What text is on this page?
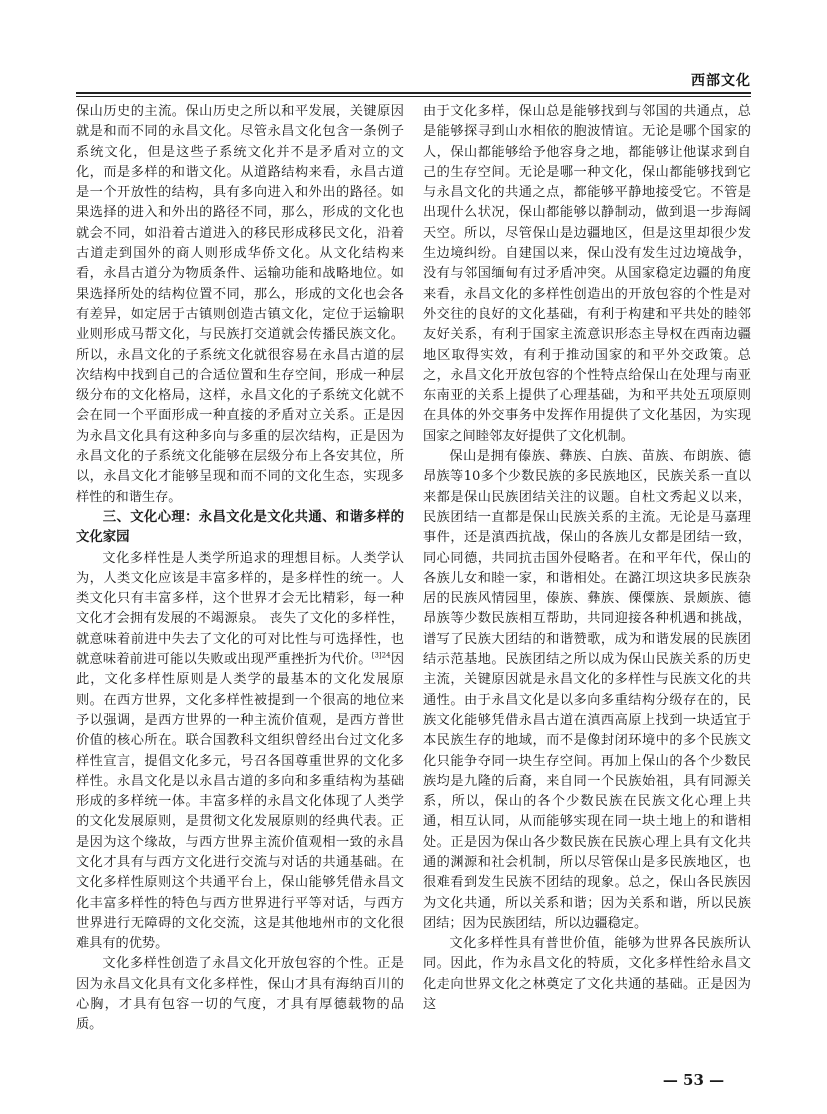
西部文化

保山历史的主流。保山历史之所以和平发展，关键原因就是和而不同的永昌文化。尽管永昌文化包含一条例子系统文化，但是这些子系统文化并不是矛盾对立的文化，而是多样的和谐文化。从道路结构来看，永昌古道是一个开放性的结构，具有多向进入和外出的路径。如果选择的进入和外出的路径不同，那么，形成的文化也就会不同，如沿着古道进入的移民形成移民文化，沿着古道走到国外的商人则形成华侨文化。从文化结构来看，永昌古道分为物质条件、运输功能和战略地位。如果选择所处的结构位置不同，那么，形成的文化也会各有差异，如定居于古镇则创造古镇文化，定位于运输职业则形成马帮文化，与民族打交道就会传播民族文化。所以，永昌文化的子系统文化就很容易在永昌古道的层次结构中找到自己的合适位置和生存空间，形成一种层级分布的文化格局，这样，永昌文化的子系统文化就不会在同一个平面形成一种直接的矛盾对立关系。正是因为永昌文化具有这种多向与多重的层次结构，正是因为永昌文化的子系统文化能够在层级分布上各安其位，所以，永昌文化才能够呈现和而不同的文化生态，实现多样性的和谐生存。

三、文化心理：永昌文化是文化共通、和谐多样的文化家园

文化多样性是人类学所追求的理想目标。人类学认为，人类文化应该是丰富多样的，是多样性的统一。人类文化只有丰富多样，这个世界才会无比精彩，每一种文化才会拥有发展的不竭源泉。 丧失了文化的多样性，就意味着前进中失去了文化的可对比性与可选择性，也就意味着前进可能以失败或出现严重挫折为代价。$^{[3]24}$因此，文化多样性原则是人类学的最基本的文化发展原则。在西方世界，文化多样性被提到一个很高的地位来予以强调，是西方世界的一种主流价值观，是西方普世价值的核心所在。联合国教科文组织曾经出台过文化多样性宣言，提倡文化多元，号召各国尊重世界的文化多样性。永昌文化是以永昌古道的多向和多重结构为基础形成的多样统一体。丰富多样的永昌文化体现了人类学的文化发展原则，是贯彻文化发展原则的经典代表。正是因为这个缘故，与西方世界主流价值观相一致的永昌文化才具有与西方文化进行交流与对话的共通基础。在文化多样性原则这个共通平台上，保山能够凭借永昌文化丰富多样性的特色与西方世界进行平等对话，与西方世界进行无障碍的文化交流，这是其他地州市的文化很难具有的优势。

文化多样性创造了永昌文化开放包容的个性。正是因为永昌文化具有文化多样性，保山才具有海纳百川的心胸，才具有包容一切的气度，才具有厚德载物的品质。

由于文化多样，保山总是能够找到与邻国的共通点，总是能够探寻到山水相依的胞波情谊。无论是哪个国家的人，保山都能够给予他容身之地，都能够让他谋求到自己的生存空间。无论是哪一种文化，保山都能够找到它与永昌文化的共通之点，都能够平静地接受它。不管是出现什么状况，保山都能够以静制动，做到退一步海阔天空。所以，尽管保山是边疆地区，但是这里却很少发生边境纠纷。自建国以来，保山没有发生过边境战争，没有与邻国缅甸有过矛盾冲突。从国家稳定边疆的角度来看，永昌文化的多样性创造出的开放包容的个性是对外交往的良好的文化基础，有利于构建和平共处的睦邻友好关系，有利于国家主流意识形态主导权在西南边疆地区取得实效，有利于推动国家的和平外交政策。总之，永昌文化开放包容的个性特点给保山在处理与南亚东南亚的关系上提供了心理基础，为和平共处五项原则在具体的外交事务中发挥作用提供了文化基因，为实现国家之间睦邻友好提供了文化机制。

保山是拥有傣族、彝族、白族、苗族、布朗族、德昂族等10多个少数民族的多民族地区，民族关系一直以来都是保山民族团结关注的议题。自杜文秀起义以来，民族团结一直都是保山民族关系的主流。无论是马嘉理事件，还是滇西抗战，保山的各族儿女都是团结一致，同心同德，共同抗击国外侵略者。在和平年代，保山的各族儿女和睦一家，和谐相处。在潞江坝这块多民族杂居的民族风情园里，傣族、彝族、傈僳族、景颇族、德昂族等少数民族相互帮助，共同迎接各种机遇和挑战，谱写了民族大团结的和谐赞歌，成为和谐发展的民族团结示范基地。民族团结之所以成为保山民族关系的历史主流，关键原因就是永昌文化的多样性与民族文化的共通性。由于永昌文化是以多向多重结构分级存在的，民族文化能够凭借永昌古道在滇西高原上找到一块适宜于本民族生存的地域，而不是像封闭环境中的多个民族文化只能争夺同一块生存空间。再加上保山的各个少数民族均是九隆的后裔，来自同一个民族始祖，具有同源关系，所以，保山的各个少数民族在民族文化心理上共通，相互认同，从而能够实现在同一块土地上的和谐相处。正是因为保山各少数民族在民族心理上具有文化共通的渊源和社会机制，所以尽管保山是多民族地区，也很难看到发生民族不团结的现象。总之，保山各民族因为文化共通，所以关系和谐；因为关系和谐，所以民族团结；因为民族团结，所以边疆稳定。

文化多样性具有普世价值，能够为世界各民族所认同。因此，作为永昌文化的特质，文化多样性给永昌文化走向世界文化之林奠定了文化共通的基础。正是因为这

— 53 —
